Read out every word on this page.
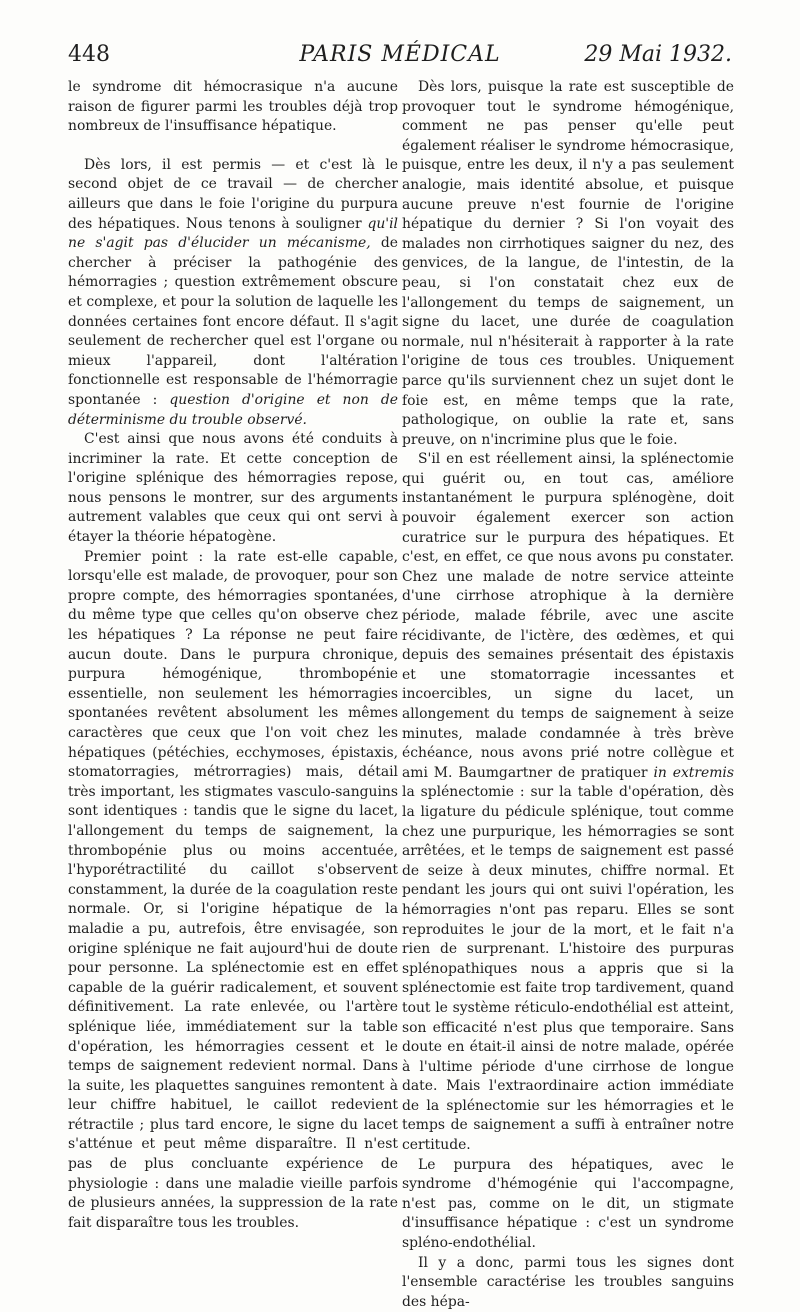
448	PARIS MÉDICAL	29 Mai 1932.

le syndrome dit hémocrasique n'a aucune raison de figurer parmi les troubles déjà trop nombreux de l'insuffisance hépatique.

Dès lors, il est permis — et c'est là le second objet de ce travail — de chercher ailleurs que dans le foie l'origine du purpura des hépatiques. Nous tenons à souligner qu'il ne s'agit pas d'élucider un mécanisme, de chercher à préciser la pathogénie des hémorragies ; question extrêmement obscure et complexe, et pour la solution de laquelle les données certaines font encore défaut. Il s'agit seulement de rechercher quel est l'organe ou mieux l'appareil, dont l'altération fonctionnelle est responsable de l'hémorragie spontanée : question d'origine et non de déterminisme du trouble observé.

C'est ainsi que nous avons été conduits à incriminer la rate. Et cette conception de l'origine splénique des hémorragies repose, nous pensons le montrer, sur des arguments autrement valables que ceux qui ont servi à étayer la théorie hépatogène.

Premier point : la rate est-elle capable, lorsqu'elle est malade, de provoquer, pour son propre compte, des hémorragies spontanées, du même type que celles qu'on observe chez les hépatiques ? La réponse ne peut faire aucun doute. Dans le purpura chronique, purpura hémogénique, thrombopénie essentielle, non seulement les hémorragies spontanées revêtent absolument les mêmes caractères que ceux que l'on voit chez les hépatiques (pétéchies, ecchymoses, épistaxis, stomatorragies, métrorragies) mais, détail très important, les stigmates vasculo-sanguins sont identiques : tandis que le signe du lacet, l'allongement du temps de saignement, la thrombopénie plus ou moins accentuée, l'hyporétractilité du caillot s'observent constamment, la durée de la coagulation reste normale. Or, si l'origine hépatique de la maladie a pu, autrefois, être envisagée, son origine splénique ne fait aujourd'hui de doute pour personne. La splénectomie est en effet capable de la guérir radicalement, et souvent définitivement. La rate enlevée, ou l'artère splénique liée, immédiatement sur la table d'opération, les hémorragies cessent et le temps de saignement redevient normal. Dans la suite, les plaquettes sanguines remontent à leur chiffre habituel, le caillot redevient rétractile ; plus tard encore, le signe du lacet s'atténue et peut même disparaître. Il n'est pas de plus concluante expérience de physiologie : dans une maladie vieille parfois de plusieurs années, la suppression de la rate fait disparaître tous les troubles.

Dès lors, puisque la rate est susceptible de provoquer tout le syndrome hémogénique, comment ne pas penser qu'elle peut également réaliser le syndrome hémocrasique, puisque, entre les deux, il n'y a pas seulement analogie, mais identité absolue, et puisque aucune preuve n'est fournie de l'origine hépatique du dernier ? Si l'on voyait des malades non cirrhotiques saigner du nez, des genvices, de la langue, de l'intestin, de la peau, si l'on constatait chez eux de l'allongement du temps de saignement, un signe du lacet, une durée de coagulation normale, nul n'hésiterait à rapporter à la rate l'origine de tous ces troubles. Uniquement parce qu'ils surviennent chez un sujet dont le foie est, en même temps que la rate, pathologique, on oublie la rate et, sans preuve, on n'incrimine plus que le foie.

S'il en est réellement ainsi, la splénectomie qui guérit ou, en tout cas, améliore instantanément le purpura splénogène, doit pouvoir également exercer son action curatrice sur le purpura des hépatiques. Et c'est, en effet, ce que nous avons pu constater. Chez une malade de notre service atteinte d'une cirrhose atrophique à la dernière période, malade fébrile, avec une ascite récidivante, de l'ictère, des œdèmes, et qui depuis des semaines présentait des épistaxis et une stomatorragie incessantes et incoercibles, un signe du lacet, un allongement du temps de saignement à seize minutes, malade condamnée à très brève échéance, nous avons prié notre collègue et ami M. Baumgartner de pratiquer in extremis la splénectomie : sur la table d'opération, dès la ligature du pédicule splénique, tout comme chez une purpurique, les hémorragies se sont arrêtées, et le temps de saignement est passé de seize à deux minutes, chiffre normal. Et pendant les jours qui ont suivi l'opération, les hémorragies n'ont pas reparu. Elles se sont reproduites le jour de la mort, et le fait n'a rien de surprenant. L'histoire des purpuras splénopathiques nous a appris que si la splénectomie est faite trop tardivement, quand tout le système réticulo-endothélial est atteint, son efficacité n'est plus que temporaire. Sans doute en était-il ainsi de notre malade, opérée à l'ultime période d'une cirrhose de longue date. Mais l'extraordinaire action immédiate de la splénectomie sur les hémorragies et le temps de saignement a suffi à entraîner notre certitude.

Le purpura des hépatiques, avec le syndrome d'hémogénie qui l'accompagne, n'est pas, comme on le dit, un stigmate d'insuffisance hépatique : c'est un syndrome spléno-endothélial.

Il y a donc, parmi tous les signes dont l'ensemble caractérise les troubles sanguins des hépa-
